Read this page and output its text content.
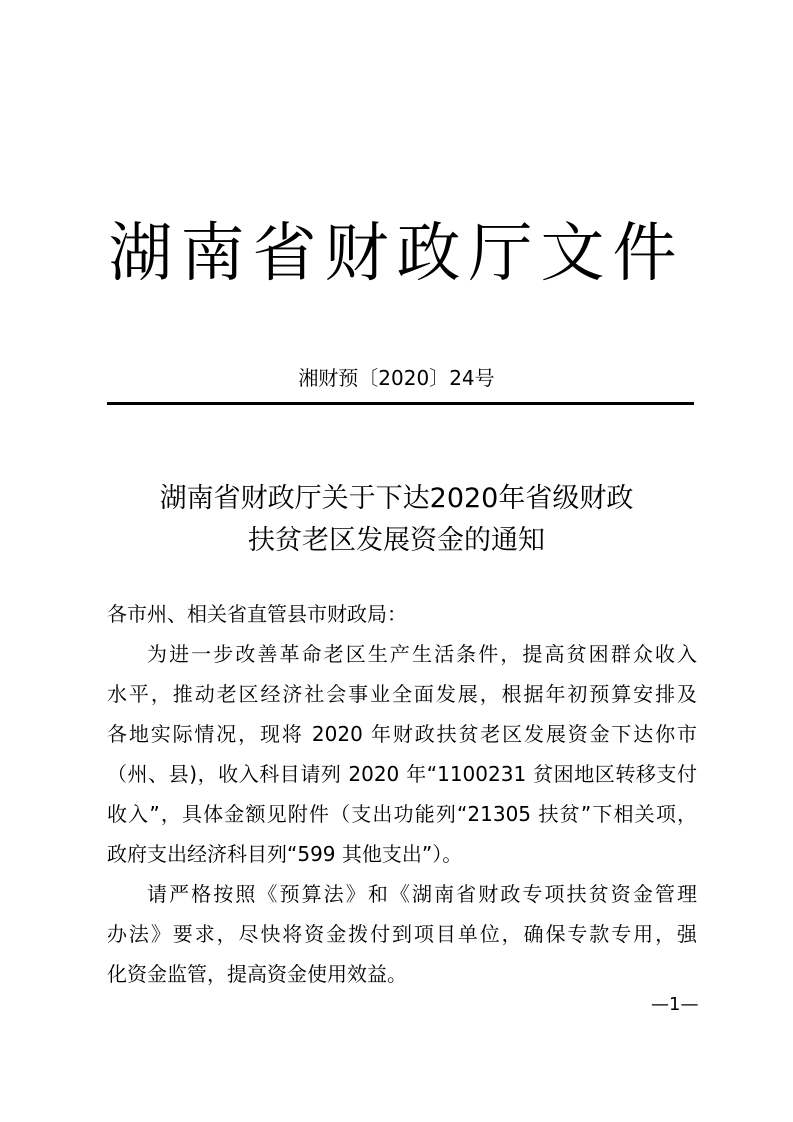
湖南省财政厅文件
湘财预〔2020〕24号
湖南省财政厅关于下达2020年省级财政
扶贫老区发展资金的通知
各市州、相关省直管县市财政局：
为进一步改善革命老区生产生活条件，提高贫困群众收入
水平，推动老区经济社会事业全面发展，根据年初预算安排及
各地实际情况，现将 2020 年财政扶贫老区发展资金下达你市
（州、县)，收入科目请列 2020 年“1100231 贫困地区转移支付
收入”，具体金额见附件（支出功能列“21305 扶贫”下相关项，
政府支出经济科目列“599 其他支出”）。
请严格按照《预算法》和《湖南省财政专项扶贫资金管理
办法》要求，尽快将资金拨付到项目单位，确保专款专用，强
化资金监管，提高资金使用效益。
—1—
